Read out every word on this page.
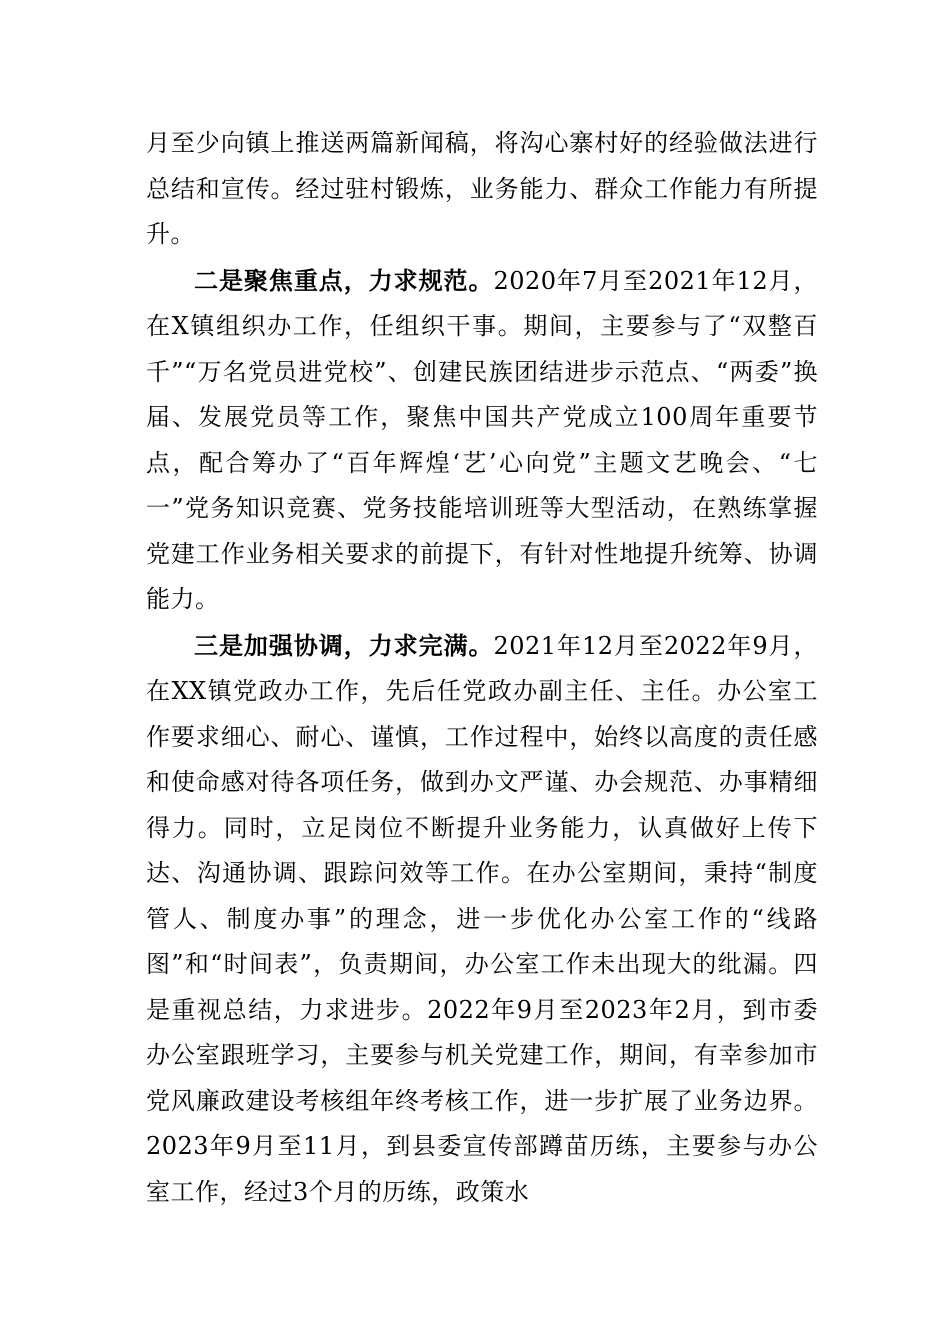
月至少向镇上推送两篇新闻稿，将沟心寨村好的经验做法进行总结和宣传。经过驻村锻炼，业务能力、群众工作能力有所提升。

二是聚焦重点，力求规范。2020年7月至2021年12月，在X镇组织办工作，任组织干事。期间，主要参与了“双整百千”“万名党员进党校”、创建民族团结进步示范点、“两委”换届、发展党员等工作，聚焦中国共产党成立100周年重要节点，配合筹办了“百年辉煌‘艺’心向党”主题文艺晚会、“七一”党务知识竞赛、党务技能培训班等大型活动，在熟练掌握党建工作业务相关要求的前提下，有针对性地提升统筹、协调能力。

三是加强协调，力求完满。2021年12月至2022年9月，在XX镇党政办工作，先后任党政办副主任、主任。办公室工作要求细心、耐心、谨慎，工作过程中，始终以高度的责任感和使命感对待各项任务，做到办文严谨、办会规范、办事精细得力。同时，立足岗位不断提升业务能力，认真做好上传下达、沟通协调、跟踪问效等工作。在办公室期间，秉持“制度管人、制度办事”的理念，进一步优化办公室工作的“线路图”和“时间表”，负责期间，办公室工作未出现大的纰漏。四是重视总结，力求进步。2022年9月至2023年2月，到市委办公室跟班学习，主要参与机关党建工作，期间，有幸参加市党风廉政建设考核组年终考核工作，进一步扩展了业务边界。2023年9月至11月，到县委宣传部蹲苗历练，主要参与办公室工作，经过3个月的历练，政策水
